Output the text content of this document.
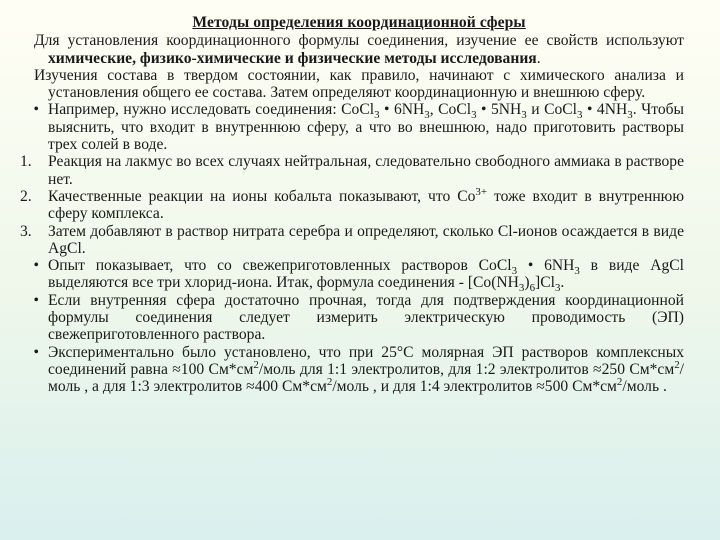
Методы определения координационной сферы

Для установления координационного формулы соединения, изучение ее свойств используют химические, физико-химические и физические методы исследования.

Изучения состава в твердом состоянии, как правило, начинают с химического анализа и установления общего ее состава. Затем определяют координационную и внешнюю сферу.

• Например, нужно исследовать соединения: CoCl$_3$ • $6NH_3$, CoCl$_3$ • $5NH_3$ и CoCl$_3$ • $4NH_3$. Чтобы выяснить, что входит в внутреннюю сферу, а что во внешнюю, надо приготовить растворы трех солей в воде.
1. Реакция на лакмус во всех случаях нейтральная, следовательно свободного аммиака в растворе нет.
2. Качественные реакции на ионы кобальта показывают, что $Co^{3+}$ тоже входит в внутреннюю сферу комплекса.
3. Затем добавляют в раствор нитрата серебра и определяют, сколько Cl-ионов осаждается в виде AgCl.
• Опыт показывает, что со свежеприготовленных растворов CoCl$_3$ • $6NH_3$ в виде AgCl выделяются все три хлорид-иона. Итак, формула соединения - $[Co(NH_3)_6]Cl_3$.
• Если внутренняя сфера достаточно прочная, тогда для подтверждения координационной формулы соединения следует измерить электрическую проводимость (ЭП) свежеприготовленного раствора.
• Экспериментально было установлено, что при 25°C молярная ЭП растворов комплексных соединений равна ≈100 $См*см^2$/моль для 1:1 электролитов, для 1:2 электролитов ≈250 $См*см^2$/моль , а для 1:3 электролитов ≈400 $См*см^2$/моль , и для 1:4 электролитов ≈500 $См*см^2$/моль .
